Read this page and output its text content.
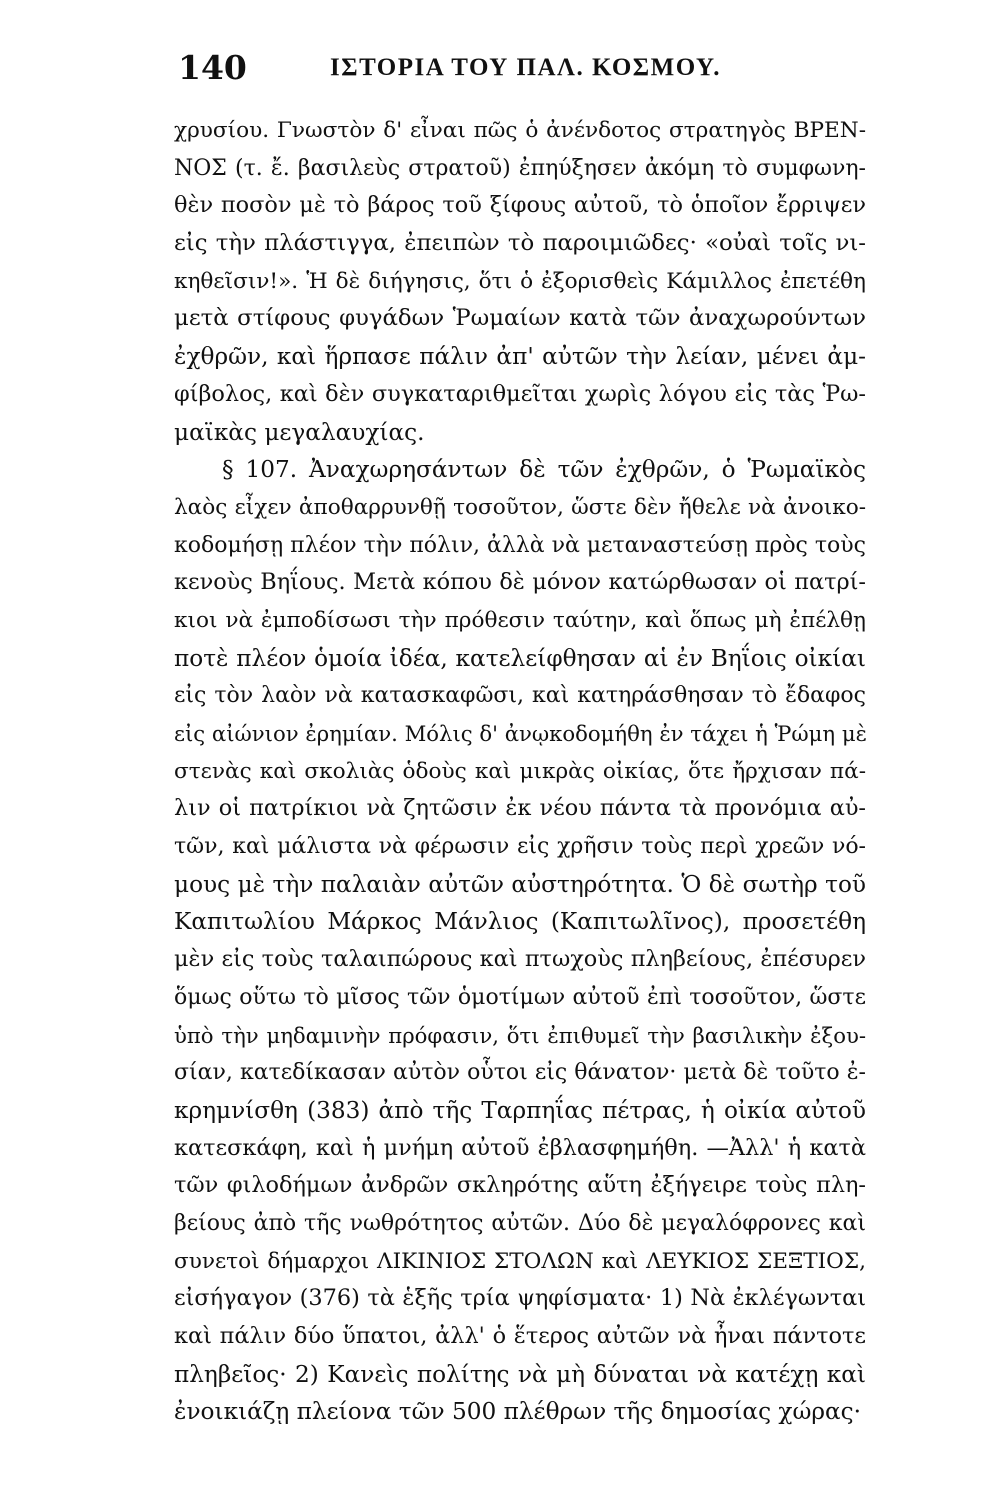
140	ΙΣΤΟΡΙΑ ΤΟΥ ΠΑΛ. ΚΟΣΜΟΥ.
χρυσίου. Γνωστὸν δ' εἶναι πῶς ὁ ἀνένδοτος στρατηγὸς ΒΡΕΝ-
ΝΟΣ (τ. ἔ. βασιλεὺς στρατοῦ) ἐπηύξησεν ἀκόμη τὸ συμφωνη-
θὲν ποσὸν μὲ τὸ βάρος τοῦ ξίφους αὐτοῦ, τὸ ὁποῖον ἔρριψεν
εἰς τὴν πλάστιγγα, ἐπειπὼν τὸ παροιμιῶδες· «οὐαὶ τοῖς νι-
κηθεῖσιν!». Ἡ δὲ διήγησις, ὅτι ὁ ἐξορισθεὶς Κάμιλλος ἐπετέθη
μετὰ στίφους φυγάδων Ῥωμαίων κατὰ τῶν ἀναχωρούντων
ἐχθρῶν, καὶ ἥρπασε πάλιν ἀπ' αὐτῶν τὴν λείαν, μένει ἀμ-
φίβολος, καὶ δὲν συγκαταριθμεῖται χωρὶς λόγου εἰς τὰς Ῥω-
μαϊκὰς μεγαλαυχίας.
§ 107. Ἀναχωρησάντων δὲ τῶν ἐχθρῶν, ὁ Ῥωμαϊκὸς
λαὸς εἶχεν ἀποθαρρυνθῇ τοσοῦτον, ὥστε δὲν ἤθελε νὰ ἀνοικο-
κοδομήσῃ πλέον τὴν πόλιν, ἀλλὰ νὰ μεταναστεύσῃ πρὸς τοὺς
κενοὺς Βηΐους. Μετὰ κόπου δὲ μόνον κατώρθωσαν οἱ πατρί-
κιοι νὰ ἐμποδίσωσι τὴν πρόθεσιν ταύτην, καὶ ὅπως μὴ ἐπέλθῃ
ποτὲ πλέον ὁμοία ἰδέα, κατελείφθησαν αἱ ἐν Βηΐοις οἰκίαι
εἰς τὸν λαὸν νὰ κατασκαφῶσι, καὶ κατηράσθησαν τὸ ἔδαφος
εἰς αἰώνιον ἐρημίαν. Μόλις δ' ἀνῳκοδομήθη ἐν τάχει ἡ Ῥώμη μὲ
στενὰς καὶ σκολιὰς ὁδοὺς καὶ μικρὰς οἰκίας, ὅτε ἤρχισαν πά-
λιν οἱ πατρίκιοι νὰ ζητῶσιν ἐκ νέου πάντα τὰ προνόμια αὐ-
τῶν, καὶ μάλιστα νὰ φέρωσιν εἰς χρῆσιν τοὺς περὶ χρεῶν νό-
μους μὲ τὴν παλαιὰν αὐτῶν αὐστηρότητα. Ὁ δὲ σωτὴρ τοῦ
Καπιτωλίου Μάρκος Μάνλιος (Καπιτωλῖνος), προσετέθη
μὲν εἰς τοὺς ταλαιπώρους καὶ πτωχοὺς πληβείους, ἐπέσυρεν
ὅμως οὕτω τὸ μῖσος τῶν ὁμοτίμων αὐτοῦ ἐπὶ τοσοῦτον, ὥστε
ὑπὸ τὴν μηδαμινὴν πρόφασιν, ὅτι ἐπιθυμεῖ τὴν βασιλικὴν ἐξου-
σίαν, κατεδίκασαν αὐτὸν οὗτοι εἰς θάνατον· μετὰ δὲ τοῦτο ἐ-
κρημνίσθη (383) ἀπὸ τῆς Ταρπηΐας πέτρας, ἡ οἰκία αὐτοῦ
κατεσκάφη, καὶ ἡ μνήμη αὐτοῦ ἐβλασφημήθη. —Ἀλλ' ἡ κατὰ
τῶν φιλοδήμων ἀνδρῶν σκληρότης αὕτη ἐξήγειρε τοὺς πλη-
βείους ἀπὸ τῆς νωθρότητος αὐτῶν. Δύο δὲ μεγαλόφρονες καὶ
συνετοὶ δήμαρχοι ΛΙΚΙΝΙΟΣ ΣΤΟΛΩΝ καὶ ΛΕΥΚΙΟΣ ΣΕΞΤΙΟΣ,
εἰσήγαγον (376) τὰ ἑξῆς τρία ψηφίσματα· 1) Νὰ ἐκλέγωνται
καὶ πάλιν δύο ὕπατοι, ἀλλ' ὁ ἕτερος αὐτῶν νὰ ἦναι πάντοτε
πληβεῖος· 2) Κανεὶς πολίτης νὰ μὴ δύναται νὰ κατέχῃ καὶ
ἐνοικιάζῃ πλείονα τῶν 500 πλέθρων τῆς δημοσίας χώρας·
